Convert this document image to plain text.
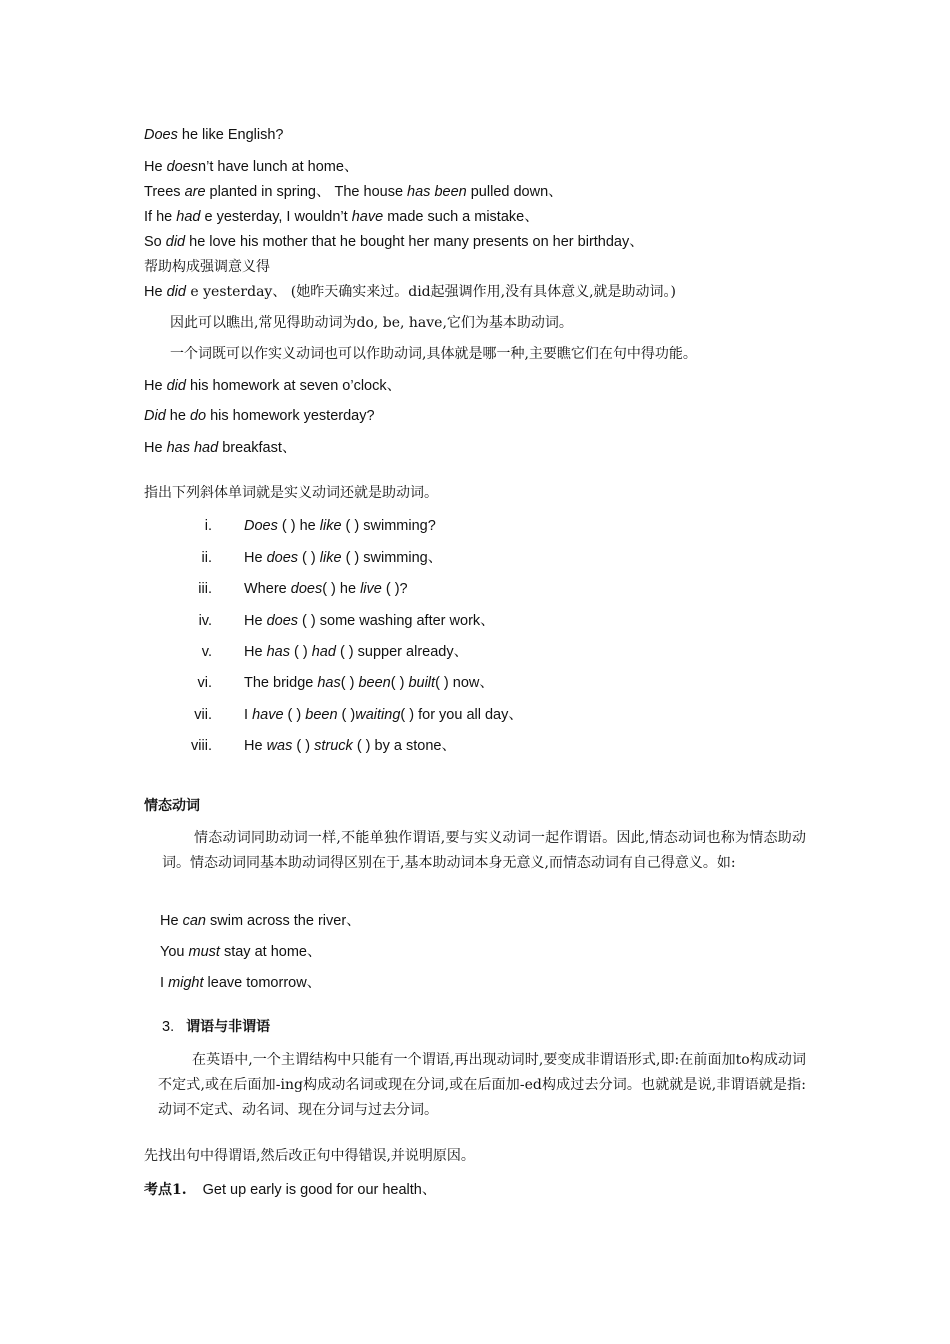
Does he like English?
He doesn’t have lunch at home、
Trees are planted in spring、 The house has been pulled down、
If he had e yesterday, I wouldn’t have made such a mistake、
So did he love his mother that he bought her many presents on her birthday、
帮助构成强调意义得
He did e yesterday、 (她昨天确实来过。did起强调作用,没有具体意义,就是助动词。)
因此可以瞧出,常见得助动词为do, be, have,它们为基本助动词。
一个词既可以作实义动词也可以作助动词,具体就是哪一种,主要瞧它们在句中得功能。
He did his homework at seven o’clock、
Did he do his homework yesterday?
He has had breakfast、
指出下列斜体单词就是实义动词还就是助动词。
i. Does ( ) he like ( ) swimming?
ii. He does ( ) like ( ) swimming、
iii. Where does( ) he live ( )?
iv. He does ( ) some washing after work、
v. He has ( ) had ( ) supper already、
vi. The bridge has( ) been( ) built( ) now、
vii. I have ( ) been ( )waiting( ) for you all day、
viii. He was ( ) struck ( ) by a stone、
情态动词
情态动词同助动词一样,不能单独作谓语,要与实义动词一起作谓语。因此,情态动词也称为情态助动词。情态动词同基本助动词得区别在于,基本助动词本身无意义,而情态动词有自己得意义。如:
He can swim across the river、
You must stay at home、
I might leave tomorrow、
3. 谓语与非谓语
在英语中,一个主谓结构中只能有一个谓语,再出现动词时,要变成非谓语形式,即:在前面加to构成动词不定式,或在后面加-ing构成动名词或现在分词,或在后面加-ed构成过去分词。也就就是说,非谓语就是指:动词不定式、动名词、现在分词与过去分词。
先找出句中得谓语,然后改正句中得错误,并说明原因。
考点1. Get up early is good for our health、
